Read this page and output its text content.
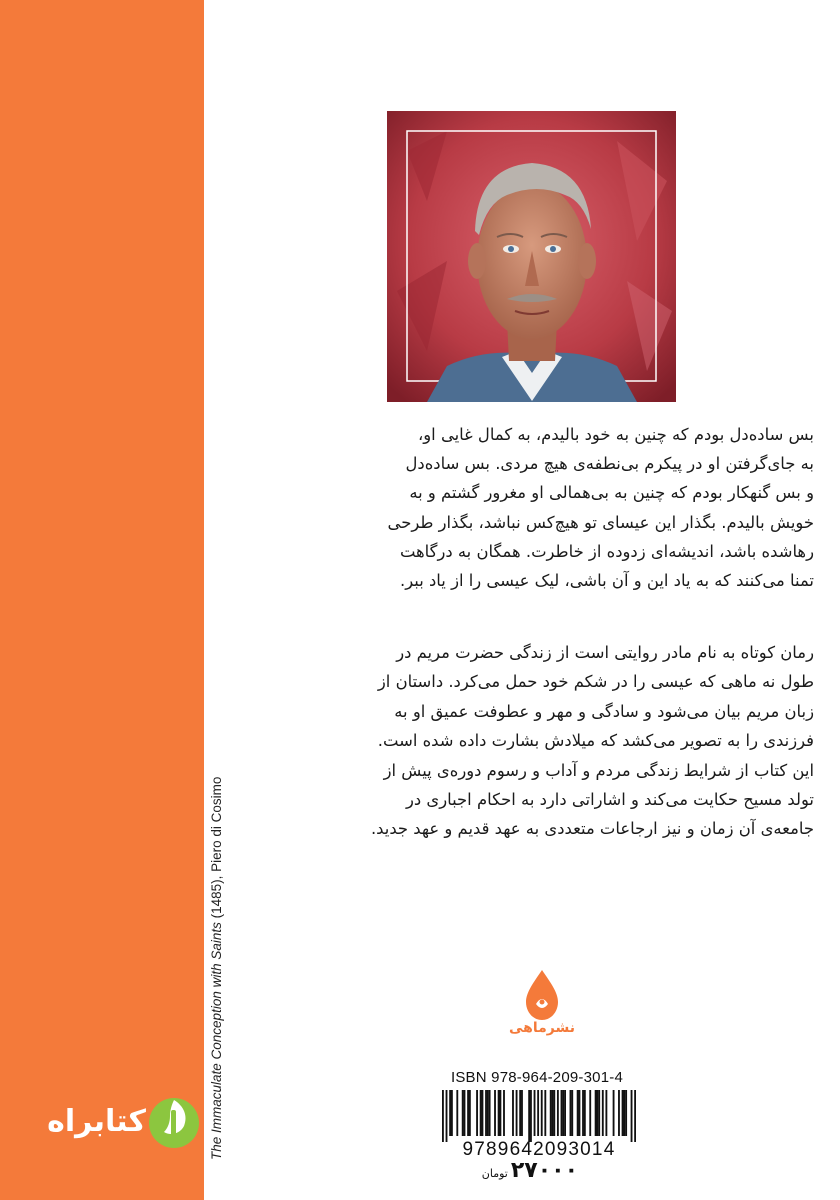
The Immaculate Conception with Saints (1485), Piero di Cosimo
کتابراه
بس ساده‌دل بودم که چنین به خود بالیدم، به کمال غایی او،
به جای‌گرفتن او در پیکرم بی‌نطفه‌ی هیچ مردی. بس ساده‌دل
و بس گنهکار بودم که چنین به بی‌همالی او مغرور گشتم و به
خویش بالیدم. بگذار این عیسای تو هیچ‌کس نباشد، بگذار طرحی
رهاشده باشد، اندیشه‌ای زدوده از خاطرت. همگان به درگاهت
تمنا می‌کنند که به یاد این و آن باشی، لیک عیسی را از یاد ببر.
رمان کوتاه به نام مادر روایتی است از زندگی حضرت مریم در
طول نه ماهی که عیسی را در شکم خود حمل می‌کرد. داستان از
زبان مریم بیان می‌شود و سادگی و مهر و عطوفت عمیق او به
فرزندی را به تصویر می‌کشد که میلادش بشارت داده شده است.
این کتاب از شرایط زندگی مردم و آداب و رسوم دوره‌ی پیش از
تولد مسیح حکایت می‌کند و اشاراتی دارد به احکام اجباری در
جامعه‌ی آن زمان و نیز ارجاعات متعددی به عهد قدیم و عهد جدید.
نشرماهی
ISBN 978-964-209-301-4
9789642093014
۲۷۰۰۰تومان
